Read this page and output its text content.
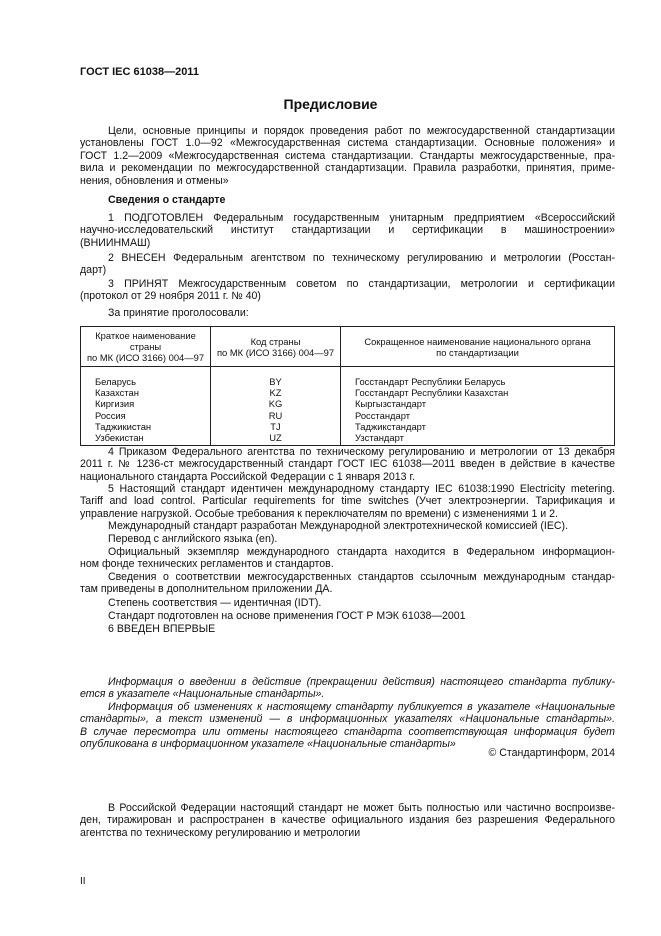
ГОСТ IEC 61038—2011
Предисловие

Цели, основные принципы и порядок проведения работ по межгосударственной стандартизации

установлены ГОСТ 1.0—92 «Межгосударственная система стандартизации. Основные положения» и

ГОСТ 1.2—2009 «Межгосударственная система стандартизации. Стандарты межгосударственные, пра-

вила и рекомендации по межгосударственной стандартизации. Правила разработки, принятия, приме-

нения, обновления и отмены»

Сведения о стандарте

1 ПОДГОТОВЛЕН Федеральным государственным унитарным предприятием «Всероссийский

научно-исследовательский институт стандартизации и сертификации в машиностроении»

(ВНИИНМАШ)

2 ВНЕСЕН Федеральным агентством по техническому регулированию и метрологии (Росстан-

дарт)

3 ПРИНЯТ Межгосударственным советом по стандартизации, метрологии и сертификации

(протокол от 29 ноября 2011 г. № 40)

За принятие проголосовали:

Краткое наименование страны
по МК (ИСО 3166) 004—97	Код страны
по МК (ИСО 3166) 004—97	Сокращенное наименование национального органа
по стандартизации
Беларусь	BY	Госстандарт Республики Беларусь
Казахстан	KZ	Госстандарт Республики Казахстан
Киргизия	KG	Кыргызстандарт
Россия	RU	Росстандарт
Таджикистан	TJ	Таджикстандарт
Узбекистан	UZ	Узстандарт

4 Приказом Федерального агентства по техническому регулированию и метрологии от 13 декабря

2011 г. № 1236-ст межгосударственный стандарт ГОСТ IEC 61038—2011 введен в действие в качестве

национального стандарта Российской Федерации с 1 января 2013 г.

5 Настоящий стандарт идентичен международному стандарту IEC 61038:1990 Electricity metering.

Tariff and load control. Particular requirements for time switches (Учет электроэнергии. Тарификация и

управление нагрузкой. Особые требования к переключателям по времени) с изменениями 1 и 2.

Международный стандарт разработан Международной электротехнической комиссией (IEC).

Перевод с английского языка (en).

Официальный экземпляр международного стандарта находится в Федеральном информацион-

ном фонде технических регламентов и стандартов.

Сведения о соответствии межгосударственных стандартов ссылочным международным стандар-

там приведены в дополнительном приложении ДА.

Степень соответствия — идентичная (IDT).

Стандарт подготовлен на основе применения ГОСТ Р МЭК 61038—2001

6 ВВЕДЕН ВПЕРВЫЕ

Информация о введении в действие (прекращении действия) настоящего стандарта публику-

ется в указателе «Национальные стандарты».

Информация об изменениях к настоящему стандарту публикуется в указателе «Национальные

стандарты», а текст изменений — в информационных указателях «Национальные стандарты».

В случае пересмотра или отмены настоящего стандарта соответствующая информация будет

опубликована в информационном указателе «Национальные стандарты»

© Стандартинформ, 2014

В Российской Федерации настоящий стандарт не может быть полностью или частично воспроизве-

ден, тиражирован и распространен в качестве официального издания без разрешения Федерального

агентства по техническому регулированию и метрологии

II
